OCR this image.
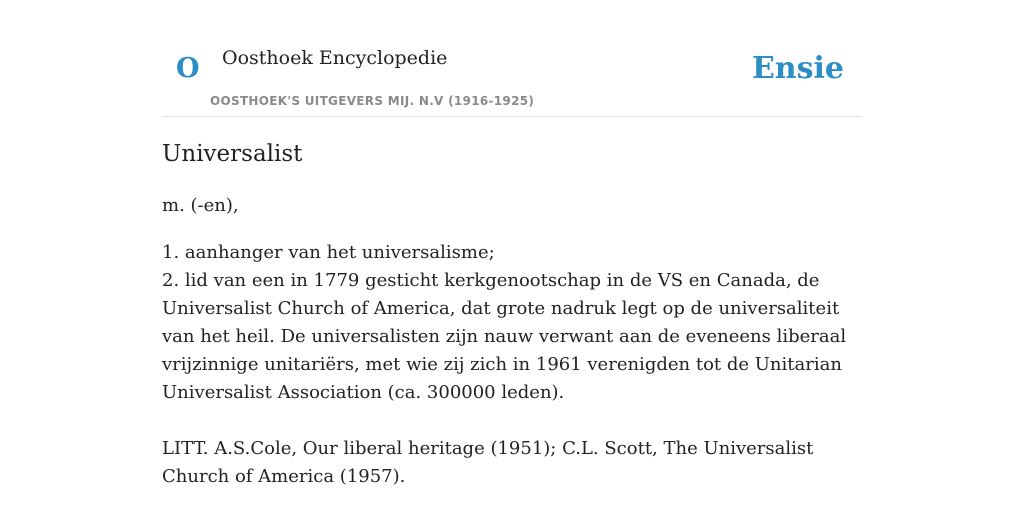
O Oosthoek Encyclopedie
OOSTHOEK'S UITGEVERS MIJ. N.V (1916-1925)
Ensie
Universalist

m. (-en),

1. aanhanger van het universalisme;
2. lid van een in 1779 gesticht kerkgenootschap in de VS en Canada, de Universalist Church of America, dat grote nadruk legt op de universaliteit van het heil. De universalisten zijn nauw verwant aan de eveneens liberaal vrijzinnige unitariërs, met wie zij zich in 1961 verenigden tot de Unitarian Universalist Association (ca. 300000 leden).

LITT. A.S.Cole, Our liberal heritage (1951); C.L. Scott, The Universalist Church of America (1957).
